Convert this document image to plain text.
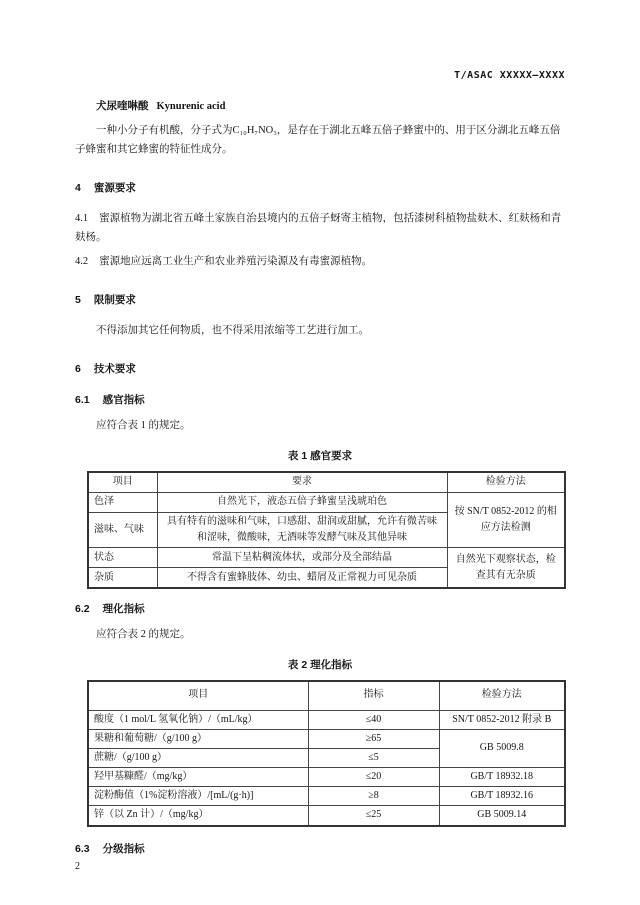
T/ASAC XXXXX—XXXX

犬尿喹啉酸 Kynurenic acid

一种小分子有机酸，分子式为C₁₀H₇NO₃，是存在于湖北五峰五倍子蜂蜜中的、用于区分湖北五峰五倍子蜂蜜和其它蜂蜜的特征性成分。

4 蜜源要求

4.1 蜜源植物为湖北省五峰土家族自治县境内的五倍子蚜寄主植物，包括漆树科植物盐麸木、红麸杨和青麸杨。

4.2 蜜源地应远离工业生产和农业养殖污染源及有毒蜜源植物。

5 限制要求

不得添加其它任何物质，也不得采用浓缩等工艺进行加工。

6 技术要求
6.1 感官指标

应符合表 1 的规定。

表 1 感官要求
项目	要求	检验方法
色泽	自然光下，液态五倍子蜂蜜呈浅琥珀色	按 SN/T 0852-2012 的相应方法检测
滋味、气味	具有特有的滋味和气味，口感甜、甜润或甜腻，允许有微苦味和涩味，微酸味，无酒味等发酵气味及其他异味	
状态	常温下呈粘稠流体状，或部分及全部结晶	自然光下观察状态，检查其有无杂质
杂质	不得含有蜜蜂肢体、幼虫、蜡屑及正常视力可见杂质	
6.2 理化指标

应符合表 2 的规定。

表 2 理化指标
项目	指标	检验方法
酸度（1 mol/L 氢氧化钠）/（mL/kg）	≤40	SN/T 0852-2012 附录 B
果糖和葡萄糖/（g/100 g）	≥65	GB 5009.8
蔗糖/（g/100 g）	≤5	
羟甲基糠醛/（mg/kg）	≤20	GB/T 18932.18
淀粉酶值（1%淀粉溶液）/[mL/(g·h)]	≥8	GB/T 18932.16
锌（以 Zn 计）/（mg/kg）	≤25	GB 5009.14
6.3 分级指标
2
